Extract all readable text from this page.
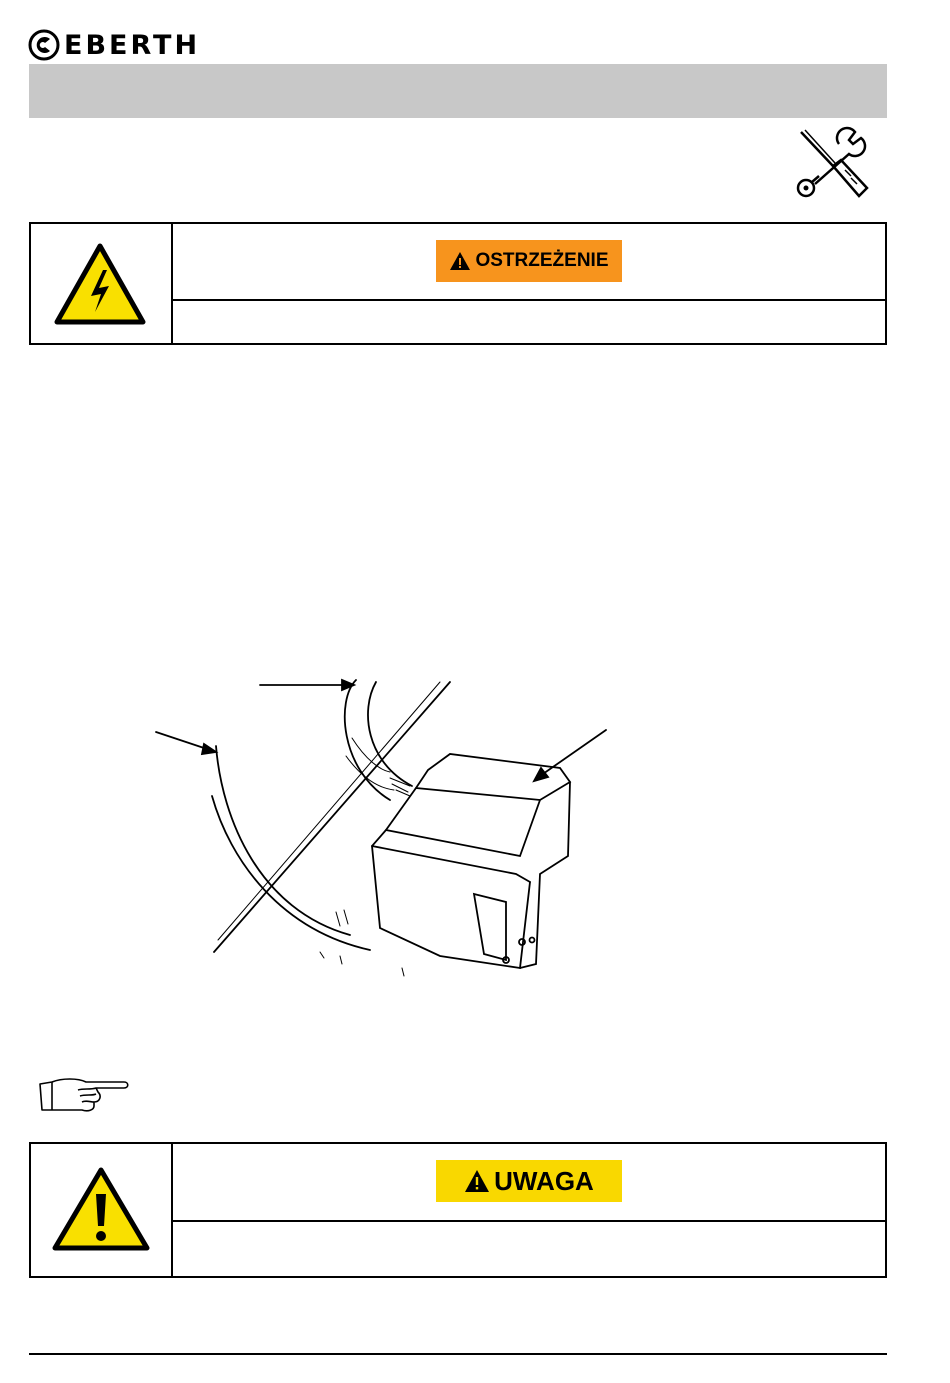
EBERTH
OSTRZEŻENIE
UWAGA
